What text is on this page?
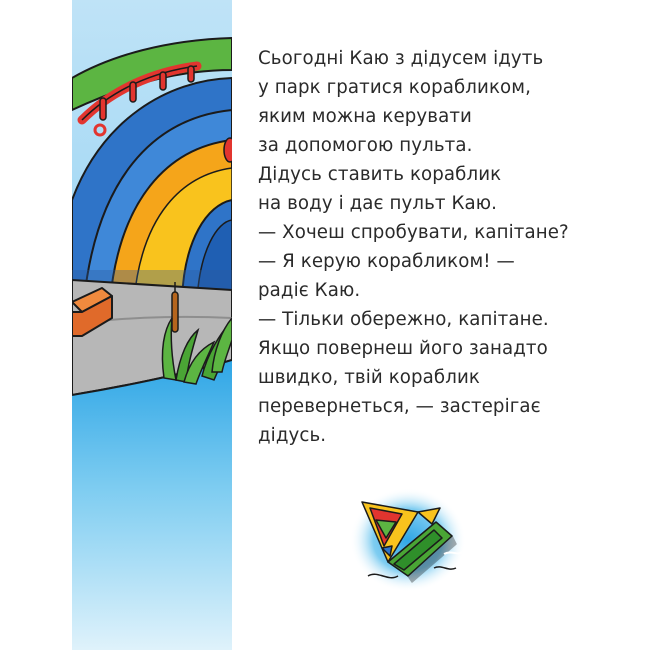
Сьогодні Каю з дідусем ідуть
у парк гратися корабликом,
яким можна керувати
за допомогою пульта.
Дідусь ставить кораблик
на воду і дає пульт Каю.
— Хочеш спробувати, капітане?
— Я керую корабликом! —
радіє Каю.
— Тільки обережно, капітане.
Якщо повернеш його занадто
швидко, твій кораблик
перевернеться, — застерігає
дідусь.
